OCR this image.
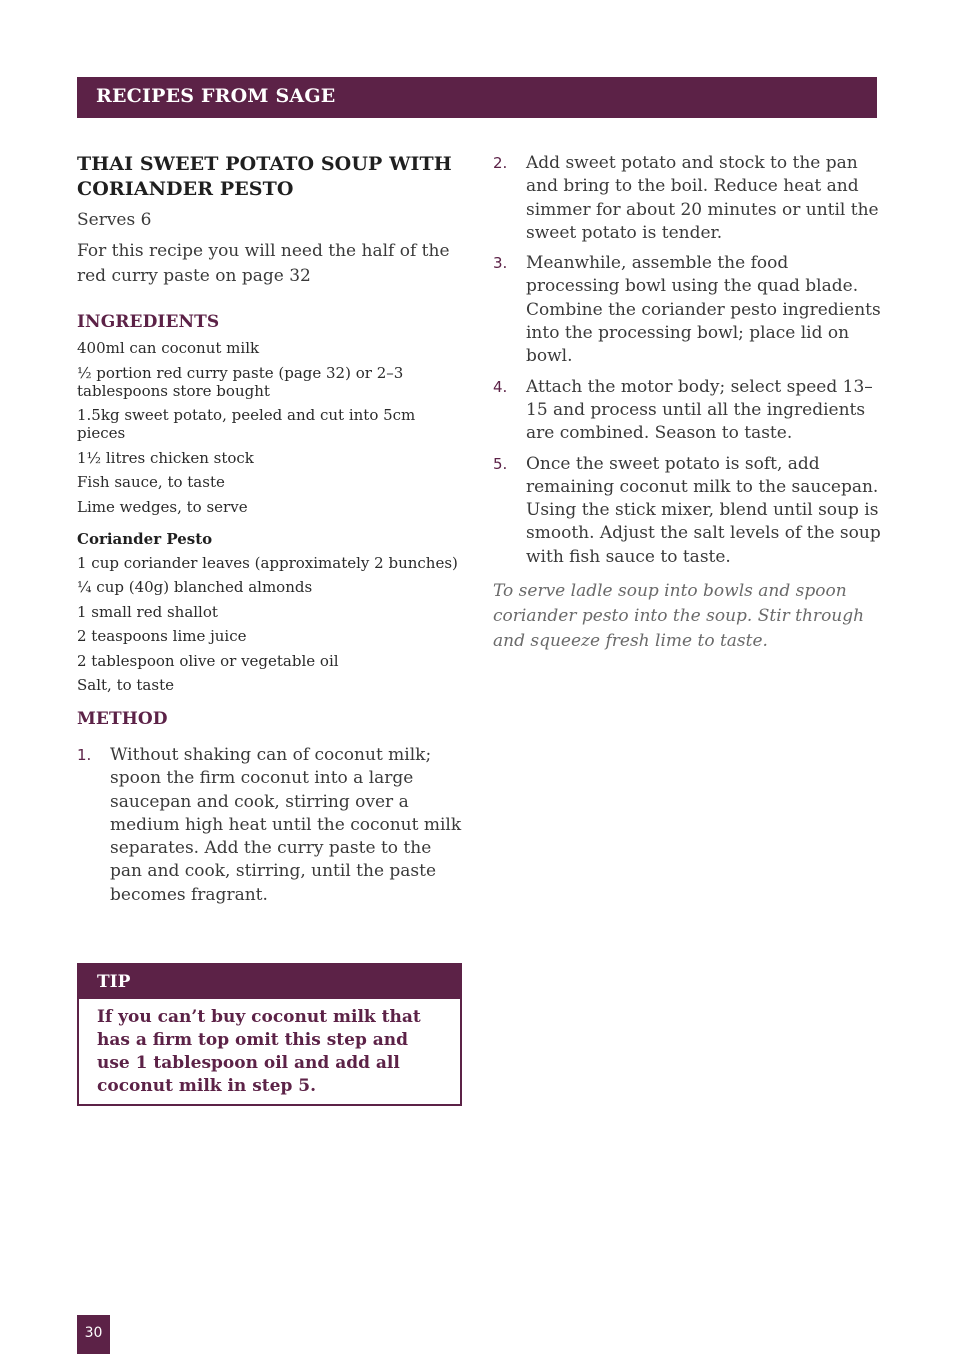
RECIPES FROM SAGE
THAI SWEET POTATO SOUP WITH CORIANDER PESTO

Serves 6

For this recipe you will need the half of the red curry paste on page 32

INGREDIENTS
400ml can coconut milk
½ portion red curry paste (page 32) or 2–3 tablespoons store bought
1.5kg sweet potato, peeled and cut into 5cm pieces
1½ litres chicken stock
Fish sauce, to taste
Lime wedges, to serve
Coriander Pesto
1 cup coriander leaves (approximately 2 bunches)
¼ cup (40g) blanched almonds
1 small red shallot
2 teaspoons lime juice
2 tablespoon olive or vegetable oil
Salt, to taste
METHOD
1. Without shaking can of coconut milk; spoon the firm coconut into a large saucepan and cook, stirring over a medium high heat until the coconut milk separates. Add the curry paste to the pan and cook, stirring, until the paste becomes fragrant.
2. Add sweet potato and stock to the pan and bring to the boil. Reduce heat and simmer for about 20 minutes or until the sweet potato is tender.
3. Meanwhile, assemble the food processing bowl using the quad blade. Combine the coriander pesto ingredients into the processing bowl; place lid on bowl.
4. Attach the motor body; select speed 13–15 and process until all the ingredients are combined. Season to taste.
5. Once the sweet potato is soft, add remaining coconut milk to the saucepan. Using the stick mixer, blend until soup is smooth. Adjust the salt levels of the soup with fish sauce to taste.

To serve ladle soup into bowls and spoon coriander pesto into the soup. Stir through and squeeze fresh lime to taste.

TIP

If you can’t buy coconut milk that has a firm top omit this step and use 1 tablespoon oil and add all coconut milk in step 5.

30
